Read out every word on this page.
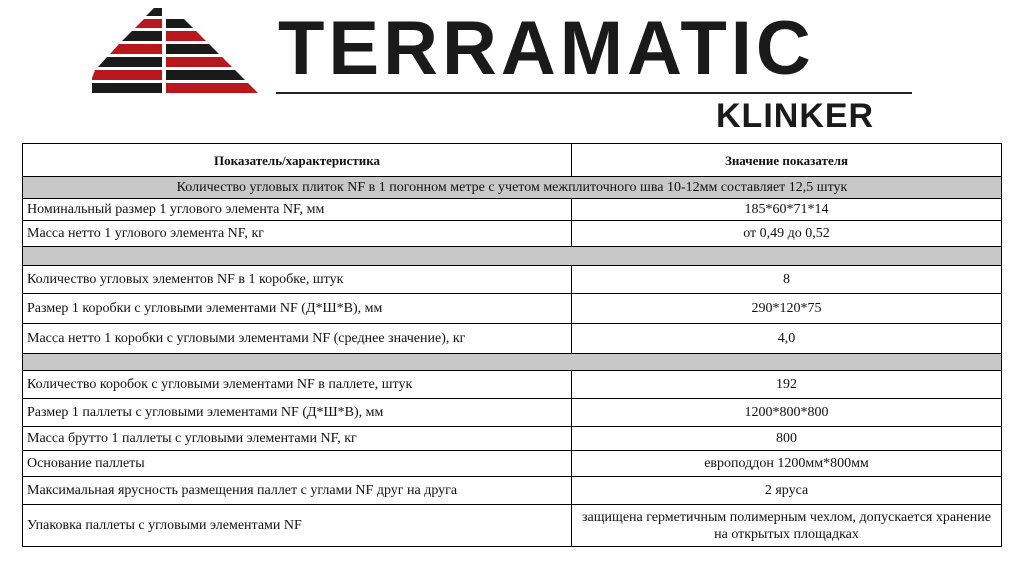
TERRAMATIC
KLINKER
Показатель/характеристика	Значение показателя
Количество угловых плиток NF в 1 погонном метре с учетом межплиточного шва 10-12мм составляет 12,5 штук	
Номинальный размер 1 углового элемента NF, мм	185*60*71*14
Масса нетто 1 углового элемента NF, кг	от 0,49 до 0,52

Количество угловых элементов NF в 1 коробке, штук	8
Размер 1 коробки с угловыми элементами NF (Д*Ш*В), мм	290*120*75
Масса нетто 1 коробки с угловыми элементами NF (среднее значение), кг	4,0

Количество коробок с угловыми элементами NF в паллете, штук	192
Размер 1 паллеты с угловыми элементами NF (Д*Ш*В), мм	1200*800*800
Масса брутто 1 паллеты с угловыми элементами NF, кг	800
Основание паллеты	европоддон 1200мм*800мм
Максимальная ярусность размещения паллет с углами NF друг на друга	2 яруса
Упаковка паллеты с угловыми элементами NF	защищена герметичным полимерным чехлом, допускается хранение на открытых площадках
